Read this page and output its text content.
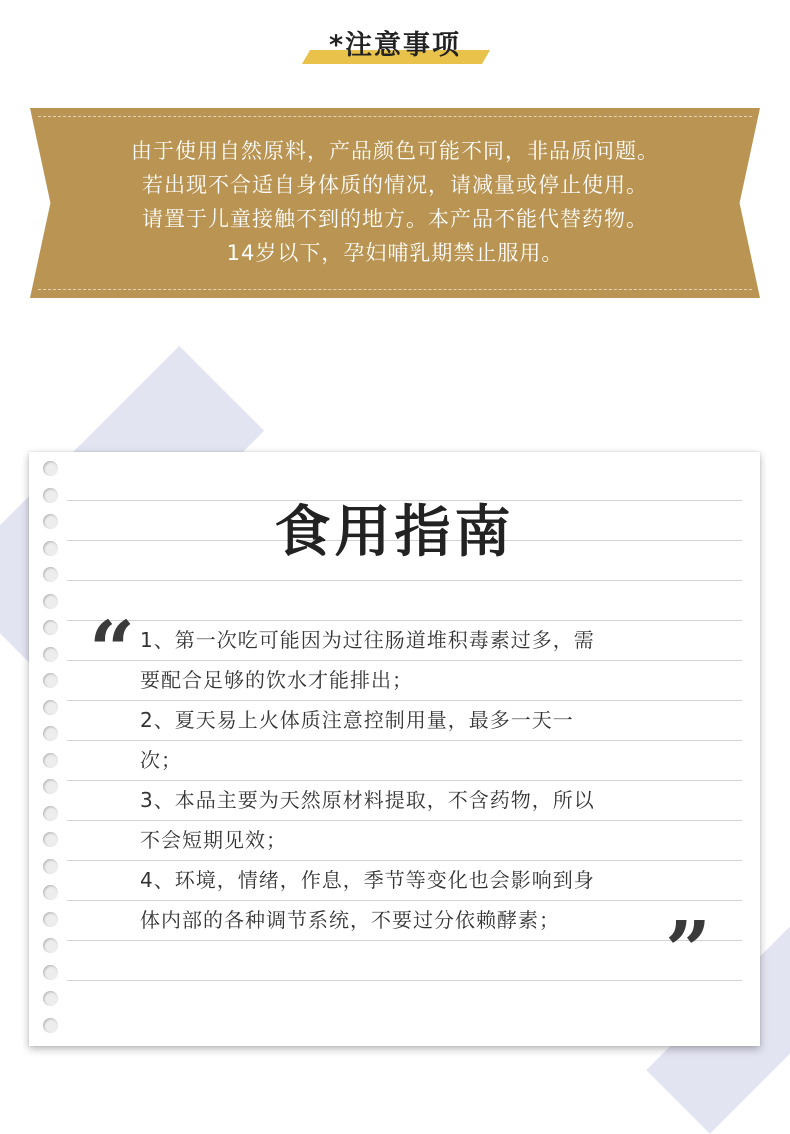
*注意事项
由于使用自然原料，产品颜色可能不同，非品质问题。
若出现不合适自身体质的情况，请减量或停止使用。
请置于儿童接触不到的地方。本产品不能代替药物。
14岁以下，孕妇哺乳期禁止服用。
食用指南
“ 1、第一次吃可能因为过往肠道堆积毒素过多，需
要配合足够的饮水才能排出；
2、夏天易上火体质注意控制用量，最多一天一
次；
3、本品主要为天然原材料提取，不含药物，所以
不会短期见效；
4、环境，情绪，作息，季节等变化也会影响到身
体内部的各种调节系统，不要过分依赖酵素；	”
